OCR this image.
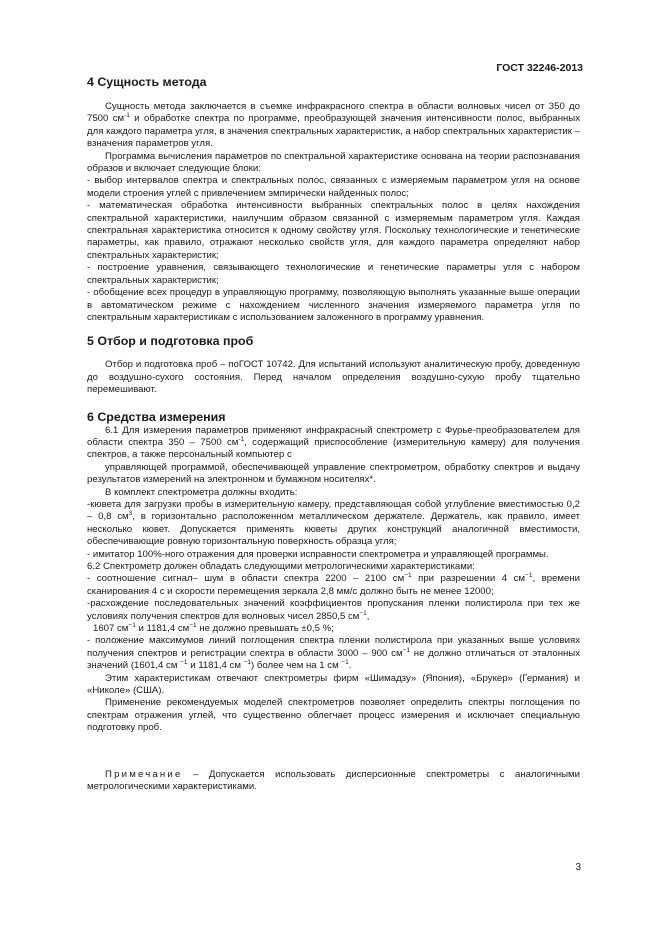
ГОСТ 32246-2013
4 Сущность метода

Сущность метода заключается в съемке инфракрасного спектра в области волновых чисел от 350 до 7500 $см^{-1}$ и обработке спектра по программе, преобразующей значения интенсивности полос, выбранных для каждого параметра угля, в значения спектральных характеристик, а набор спектральных характеристик – взначения параметров угля.

Программа вычисления параметров по спектральной характеристике основана на теории распознавания образов и включает следующие блоки:

- выбор интервалов спектра и спектральных полос, связанных с измеряемым параметром угля на основе модели строения углей с привлечением эмпирически найденных полос;

- математическая обработка интенсивности выбранных спектральных полос в целях нахождения спектральной характеристики, наилучшим образом связанной с измеряемым параметром угля. Каждая спектральная характеристика относится к одному свойству угля. Поскольку технологические и генетические параметры, как правило, отражают несколько свойств угля, для каждого параметра определяют набор спектральных характеристик;

- построение уравнения, связывающего технологические и генетические параметры угля с набором спектральных характеристик;

- обобщение всех процедур в управляющую программу, позволяющую выполнять указанные выше операции в автоматическом режиме с нахождением численного значения измеряемого параметра угля по спектральным характеристикам с использованием заложенного в программу уравнения.

5 Отбор и подготовка проб

Отбор и подготовка проб – поГОСТ 10742. Для испытаний используют аналитическую пробу, доведенную до воздушно-сухого состояния. Перед началом определения воздушно-сухую пробу тщательно перемешивают.

6 Средства измерения

6.1 Для измерения параметров применяют инфракрасный спектрометр с Фурье-преобразователем для области спектра 350 – 7500 $см^{-1}$, содержащий приспособление (измерительную камеру) для получения спектров, а также персональный компьютер с

управляющей программой, обеспечивающей управление спектрометром, обработку спектров и выдачу результатов измерений на электронном и бумажном носителях*.

В комплект спектрометра должны входить:

-кювета для загрузки пробы в измерительную камеру, представляющая собой углубление вместимостью 0,2 – 0,8 $см^3$, в горизонтально расположенном металлическом держателе. Держатель, как правило, имеет несколько кювет. Допускается применять кюветы других конструкций аналогичной вместимости, обеспечивающие ровную горизонтальную поверхность образца угля;

- имитатор 100%-ного отражения для проверки исправности спектрометра и управляющей программы.

6.2 Спектрометр должен обладать следующими метрологическими характеристиками:

- соотношение сигнал– шум в области спектра 2200 – 2100 $см^{-1}$ при разрешении 4 $см^{-1}$, времени сканирования 4 с и скорости перемещения зеркала 2,8 мм/с должно быть не менее 12000;

-расхождение последовательных значений коэффициентов пропускания пленки полистирола при тех же условиях получения спектров для волновых чисел 2850,5 $см^{-1}$,

1607 $см^{-1}$ и 1181,4 $см^{-1}$ не должно превышать ±0,5 %;

- положение максимумов линий поглощения спектра пленки полистирола при указанных выше условиях получения спектров и регистрации спектра в области 3000 – 900 $см^{-1}$ не должно отличаться от эталонных значений (1601,4 см $^{-1}$ и 1181,4 см $^{-1}$) более чем на 1 см $^{-1}$.

Этим характеристикам отвечают спектрометры фирм «Шимадзу» (Япония), «Брукер» (Германия) и «Николе» (США).

Применение рекомендуемых моделей спектрометров позволяет определить спектры поглощения по спектрам отражения углей, что существенно облегчает процесс измерения и исключает специальную подготовку проб.

Примечание – Допускается использовать дисперсионные спектрометры с аналогичными метрологическими характеристиками.

3
